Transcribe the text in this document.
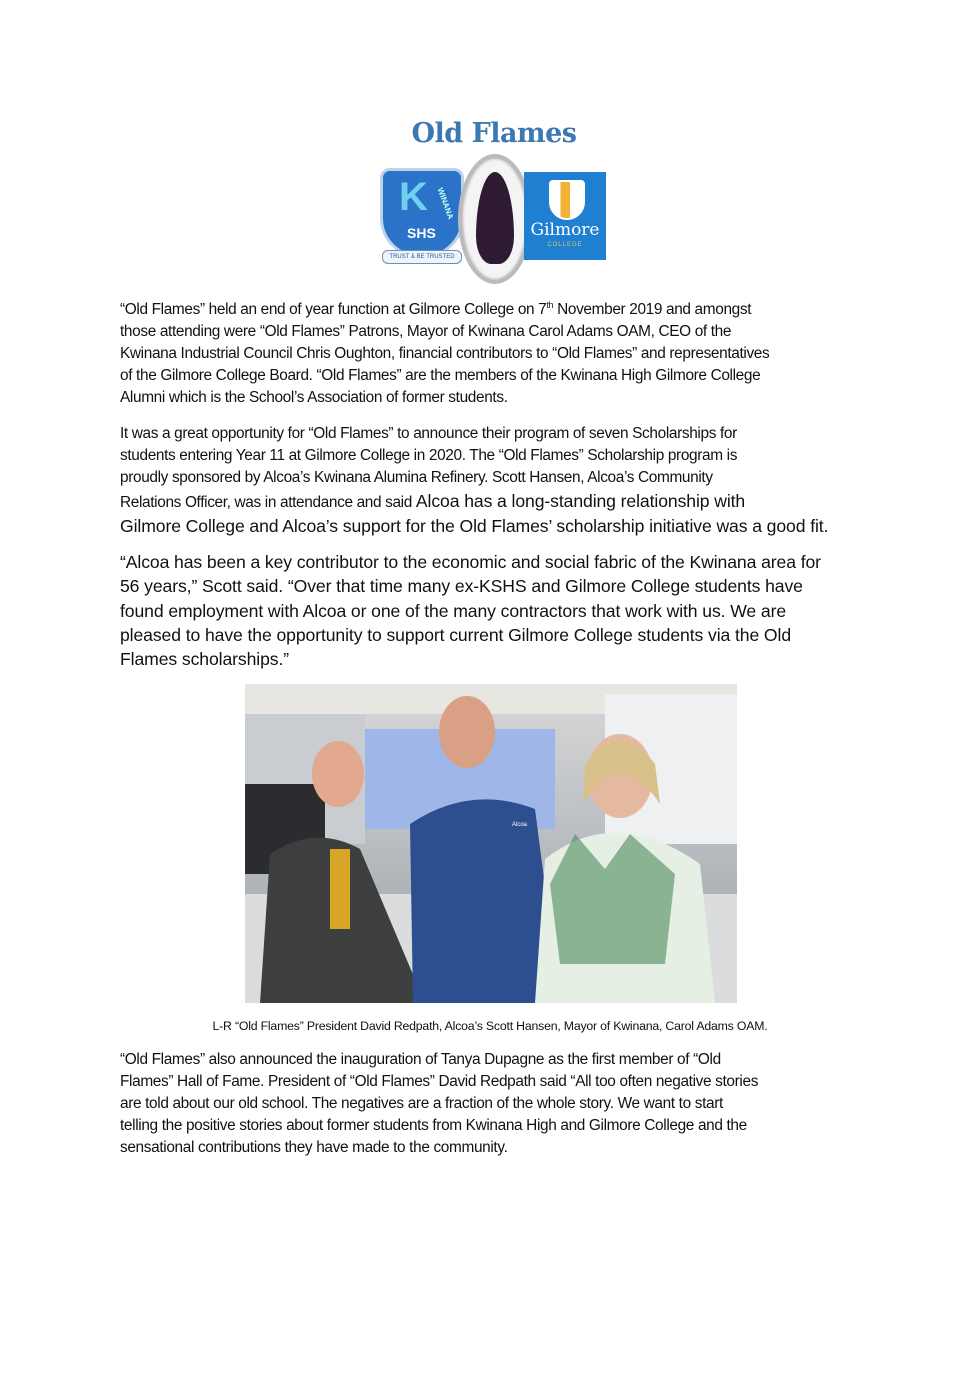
Old Flames
K WINANA
SHS
TRUST & BE TRUSTED
Gilmore
COLLEGE
“Old Flames” held an end of year function at Gilmore College on 7th November 2019 and amongst
those attending were “Old Flames” Patrons, Mayor of Kwinana Carol Adams OAM, CEO of the
Kwinana Industrial Council Chris Oughton, financial contributors to “Old Flames” and representatives
of the Gilmore College Board. “Old Flames” are the members of the Kwinana High Gilmore College
Alumni which is the School’s Association of former students.
It was a great opportunity for “Old Flames” to announce their program of seven Scholarships for
students entering Year 11 at Gilmore College in 2020. The “Old Flames” Scholarship program is
proudly sponsored by Alcoa’s Kwinana Alumina Refinery. Scott Hansen, Alcoa’s Community
Relations Officer, was in attendance and said Alcoa has a long-standing relationship with
Gilmore College and Alcoa’s support for the Old Flames’ scholarship initiative was a good fit.
“Alcoa has been a key contributor to the economic and social fabric of the Kwinana area for
56 years,” Scott said. “Over that time many ex-KSHS and Gilmore College students have
found employment with Alcoa or one of the many contractors that work with us. We are
pleased to have the opportunity to support current Gilmore College students via the Old
Flames scholarships.”
Alcoa
L-R “Old Flames” President David Redpath, Alcoa’s Scott Hansen, Mayor of Kwinana, Carol Adams OAM.
“Old Flames” also announced the inauguration of Tanya Dupagne as the first member of “Old
Flames” Hall of Fame. President of “Old Flames” David Redpath said “All too often negative stories
are told about our old school. The negatives are a fraction of the whole story. We want to start
telling the positive stories about former students from Kwinana High and Gilmore College and the
sensational contributions they have made to the community.
